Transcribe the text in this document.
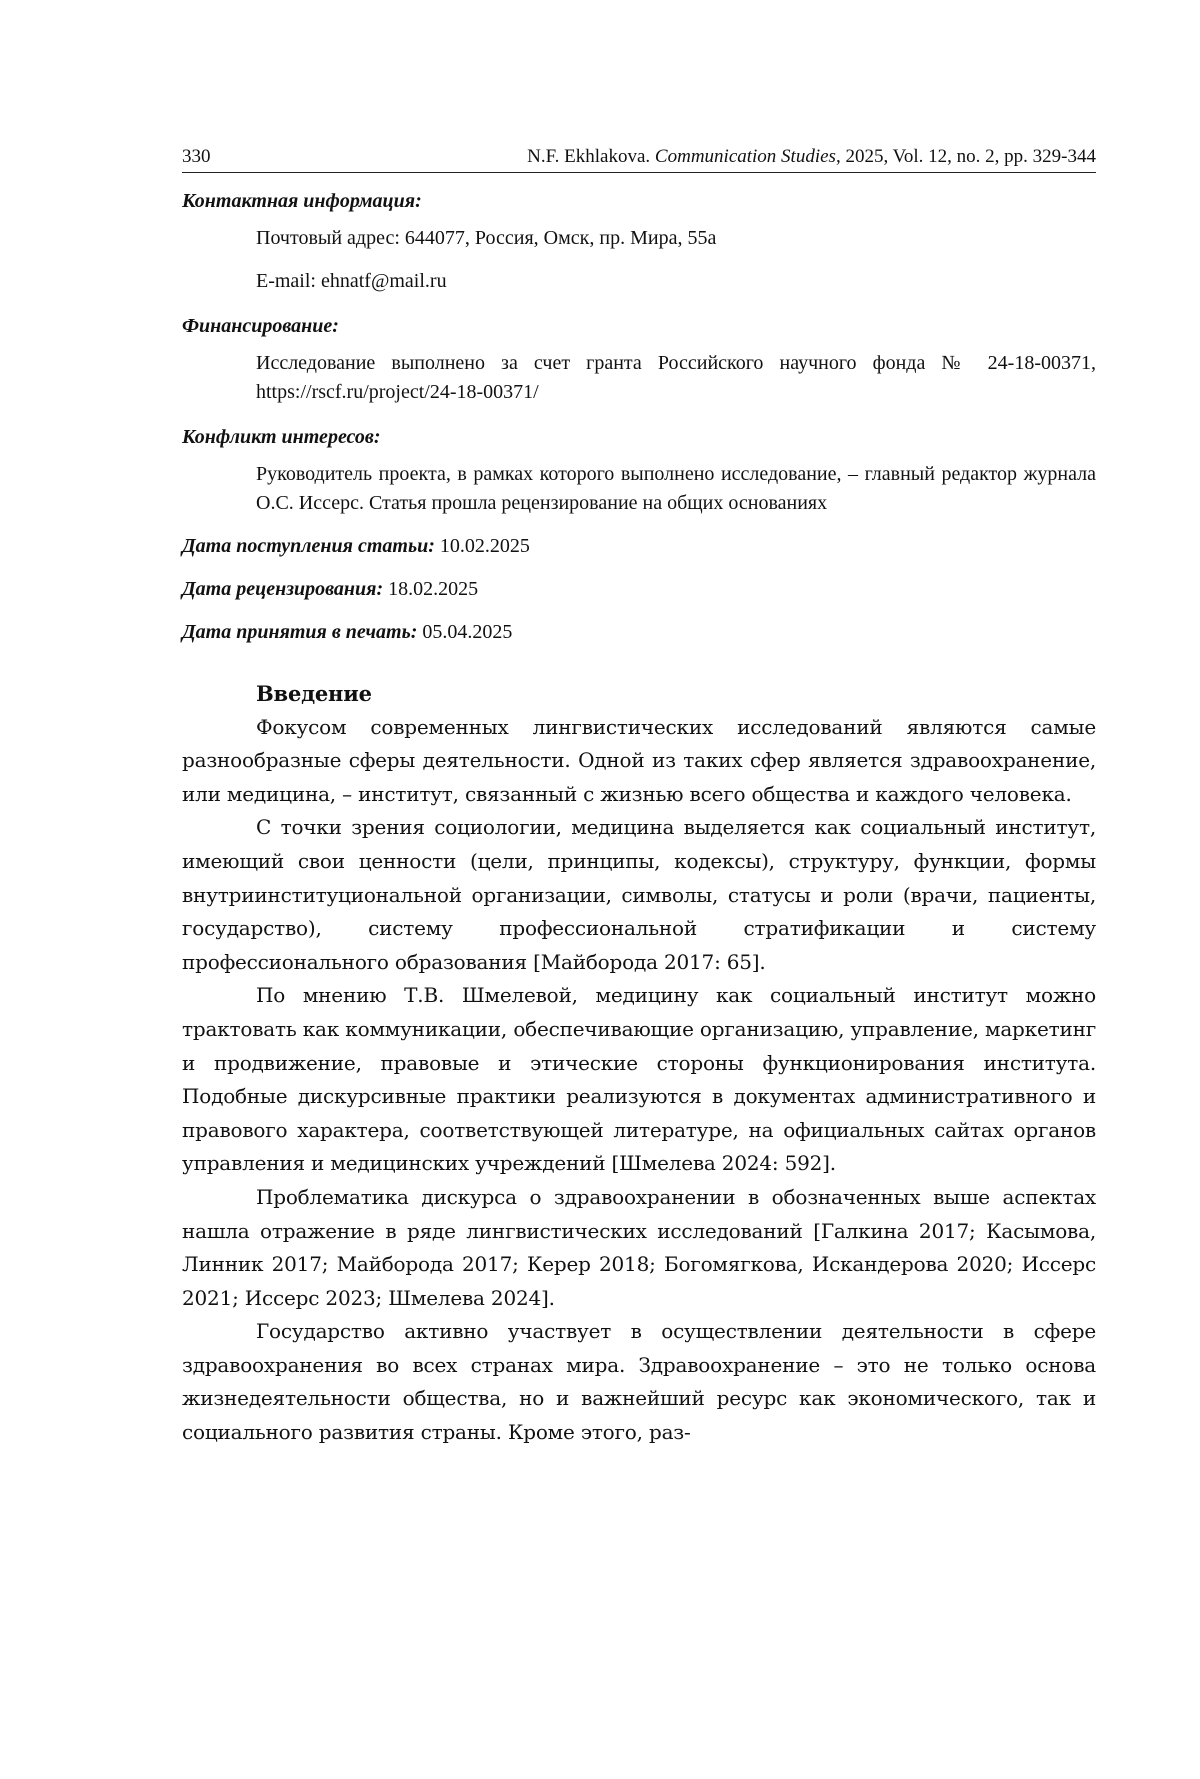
330	N.F. Ekhlakova. Communication Studies, 2025, Vol. 12, no. 2, pp. 329-344
Контактная информация:

Почтовый адрес: 644077, Россия, Омск, пр. Мира, 55а

E-mail: ehnatf@mail.ru

Финансирование:

Исследование выполнено за счет гранта Российского научного фонда № 24-18-00371, https://rscf.ru/project/24-18-00371/

Конфликт интересов:

Руководитель проекта, в рамках которого выполнено исследование, – главный редактор журнала О.С. Иссерс. Статья прошла рецензирование на общих основаниях

Дата поступления статьи: 10.02.2025
Дата рецензирования: 18.02.2025
Дата принятия в печать: 05.04.2025
Введение

Фокусом современных лингвистических исследований являются самые разнообразные сферы деятельности. Одной из таких сфер является здравоохранение, или медицина, – институт, связанный с жизнью всего общества и каждого человека.

С точки зрения социологии, медицина выделяется как социальный институт, имеющий свои ценности (цели, принципы, кодексы), структуру, функции, формы внутриинституциональной организации, символы, статусы и роли (врачи, пациенты, государство), систему профессиональной стратификации и систему профессионального образования [Майборода 2017: 65].

По мнению Т.В. Шмелевой, медицину как социальный институт можно трактовать как коммуникации, обеспечивающие организацию, управление, маркетинг и продвижение, правовые и этические стороны функционирования института. Подобные дискурсивные практики реализуются в документах административного и правового характера, соответствующей литературе, на официальных сайтах органов управления и медицинских учреждений [Шмелева 2024: 592].

Проблематика дискурса о здравоохранении в обозначенных выше аспектах нашла отражение в ряде лингвистических исследований [Галкина 2017; Касымова, Линник 2017; Майборода 2017; Керер 2018; Богомягкова, Искандерова 2020; Иссерс 2021; Иссерс 2023; Шмелева 2024].

Государство активно участвует в осуществлении деятельности в сфере здравоохранения во всех странах мира. Здравоохранение – это не только основа жизнедеятельности общества, но и важнейший ресурс как экономического, так и социального развития страны. Кроме этого, раз-
